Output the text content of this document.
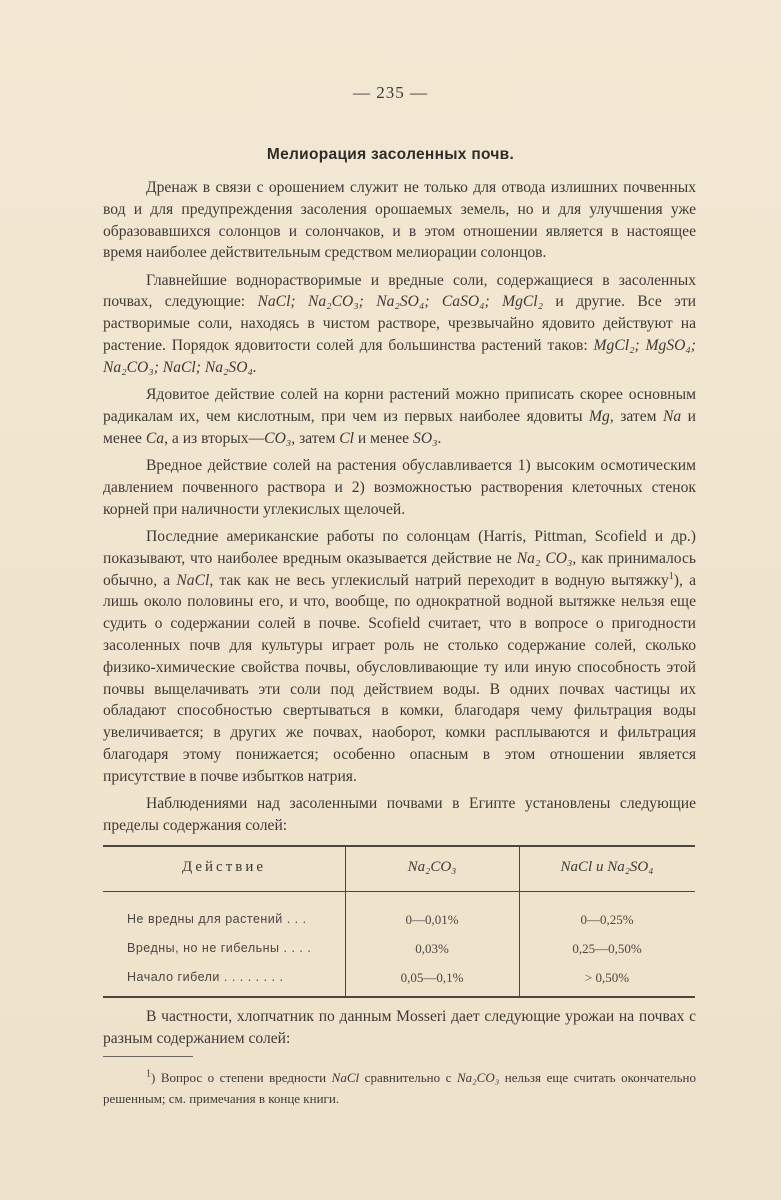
— 235 —
Мелиорация засоленных почв.

Дренаж в связи с орошением служит не только для отвода излишних почвенных вод и для предупреждения засоления орошаемых земель, но и для улучшения уже образовавшихся солонцов и солончаков, и в этом отношении является в настоящее время наиболее действительным средством мелиорации солонцов.

Главнейшие воднорастворимые и вредные соли, содержащиеся в засоленных почвах, следующие: NaCl; Na₂CO₃; Na₂SO₄; CaSO₄; MgCl₂ и другие. Все эти растворимые соли, находясь в чистом растворе, чрезвычайно ядовито действуют на растение. Порядок ядовитости солей для большинства растений таков: MgCl₂; MgSO₄; Na₂CO₃; NaCl; Na₂SO₄.

Ядовитое действие солей на корни растений можно приписать скорее основным радикалам их, чем кислотным, при чем из первых наиболее ядовиты Mg, затем Na и менее Ca, а из вторых—CO₃, затем Cl и менее SO₃.

Вредное действие солей на растения обуславливается 1) высоким осмотическим давлением почвенного раствора и 2) возможностью растворения клеточных стенок корней при наличности углекислых щелочей.

Последние американские работы по солонцам (Harris, Pittman, Scofield и др.) показывают, что наиболее вредным оказывается действие не Na₂ CO₃, как принималось обычно, а NaCl, так как не весь углекислый натрий переходит в водную вытяжку$^1$), а лишь около половины его, и что, вообще, по однократной водной вытяжке нельзя еще судить о содержании солей в почве. Scofield считает, что в вопросе о пригодности засоленных почв для культуры играет роль не столько содержание солей, сколько физико-химические свойства почвы, обусловливающие ту или иную способность этой почвы выщелачивать эти соли под действием воды. В одних почвах частицы их обладают способностью свертываться в комки, благодаря чему фильтрация воды увеличивается; в других же почвах, наоборот, комки расплываются и фильтрация благодаря этому понижается; особенно опасным в этом отношении является присутствие в почве избытков натрия.

Наблюдениями над засоленными почвами в Египте установлены следующие пределы содержания солей:

Действие	Na₂CO₃	NaCl и Na₂SO₄
Не вредны для растений . . .	0—0,01%	0—0,25%
Вредны, но не гибельны . . . .	0,03%	0,25—0,50%
Начало гибели . . . . . . . .	0,05—0,1%	> 0,50%

В частности, хлопчатник по данным Mosseri дает следующие урожаи на почвах с разным содержанием солей:

$^1$) Вопрос о степени вредности NaCl сравнительно с Na₂CO₃ нельзя еще считать окончательно решенным; см. примечания в конце книги.
